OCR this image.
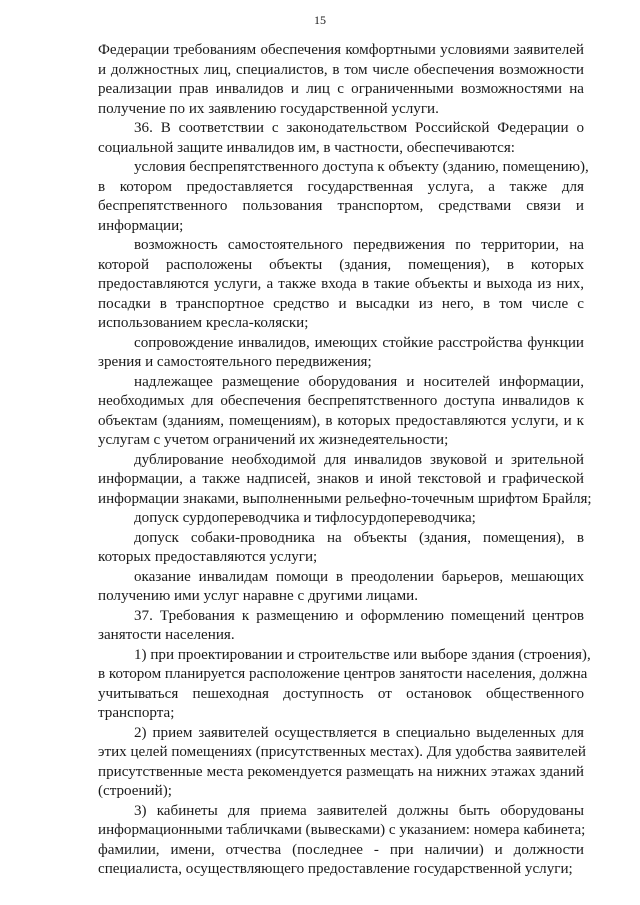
15
Федерации требованиям обеспечения комфортными условиями заявителей
и должностных лиц, специалистов, в том числе обеспечения возможности
реализации прав инвалидов и лиц с ограниченными возможностями на
получение по их заявлению государственной услуги.
36. В соответствии с законодательством Российской Федерации о
социальной защите инвалидов им, в частности, обеспечиваются:
условия беспрепятственного доступа к объекту (зданию, помещению),
в котором предоставляется государственная услуга, а также для
беспрепятственного пользования транспортом, средствами связи и
информации;
возможность самостоятельного передвижения по территории, на
которой расположены объекты (здания, помещения), в которых
предоставляются услуги, а также входа в такие объекты и выхода из них,
посадки в транспортное средство и высадки из него, в том числе с
использованием кресла-коляски;
сопровождение инвалидов, имеющих стойкие расстройства функции
зрения и самостоятельного передвижения;
надлежащее размещение оборудования и носителей информации,
необходимых для обеспечения беспрепятственного доступа инвалидов к
объектам (зданиям, помещениям), в которых предоставляются услуги, и к
услугам с учетом ограничений их жизнедеятельности;
дублирование необходимой для инвалидов звуковой и зрительной
информации, а также надписей, знаков и иной текстовой и графической
информации знаками, выполненными рельефно-точечным шрифтом Брайля;
допуск сурдопереводчика и тифлосурдопереводчика;
допуск собаки-проводника на объекты (здания, помещения), в
которых предоставляются услуги;
оказание инвалидам помощи в преодолении барьеров, мешающих
получению ими услуг наравне с другими лицами.
37. Требования к размещению и оформлению помещений центров
занятости населения.
1) при проектировании и строительстве или выборе здания (строения),
в котором планируется расположение центров занятости населения, должна
учитываться пешеходная доступность от остановок общественного
транспорта;
2) прием заявителей осуществляется в специально выделенных для
этих целей помещениях (присутственных местах). Для удобства заявителей
присутственные места рекомендуется размещать на нижних этажах зданий
(строений);
3) кабинеты для приема заявителей должны быть оборудованы
информационными табличками (вывесками) с указанием: номера кабинета;
фамилии, имени, отчества (последнее - при наличии) и должности
специалиста, осуществляющего предоставление государственной услуги;
